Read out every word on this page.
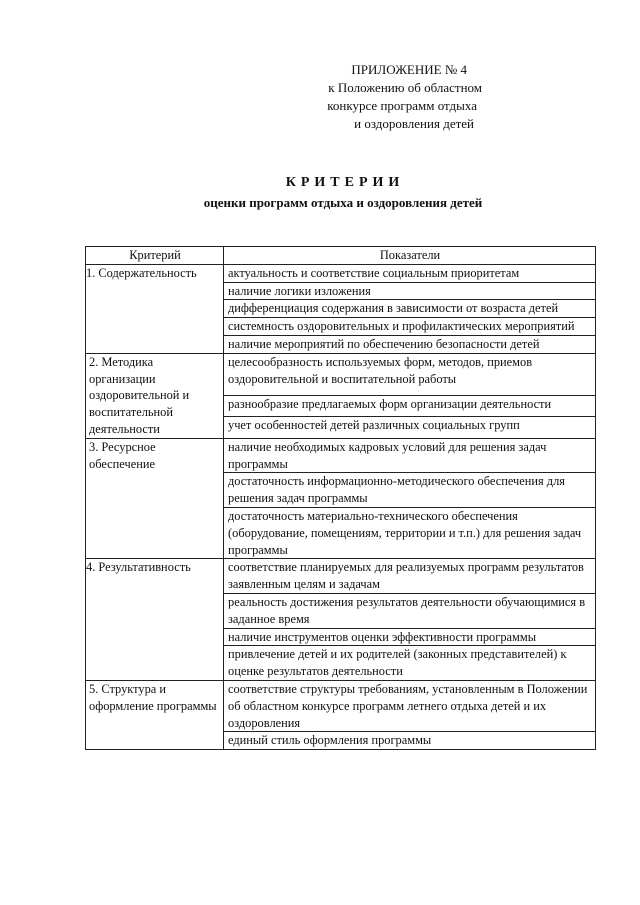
ПРИЛОЖЕНИЕ № 4
к Положению об областном
конкурсе программ отдыха
и оздоровления детей
КРИТЕРИИ
оценки программ отдыха и оздоровления детей
Критерий	Показатели
1. Содержательность	актуальность и соответствие социальным приоритетам
	наличие логики изложения
	дифференциация содержания в зависимости от возраста детей
	системность оздоровительных и профилактических мероприятий
	наличие мероприятий по обеспечению безопасности детей
2. Методика организации оздоровительной и воспитательной деятельности	целесообразность используемых форм, методов, приемов оздоровительной и воспитательной работы
	разнообразие предлагаемых форм организации деятельности
	учет особенностей детей различных социальных групп
3. Ресурсное обеспечение	наличие необходимых кадровых условий для решения задач программы
	достаточность информационно-методического обеспечения для решения задач программы
	достаточность материально-технического обеспечения (оборудование, помещениям, территории и т.п.) для решения задач программы
4. Результативность	соответствие планируемых для реализуемых программ результатов заявленным целям и задачам
	реальность достижения результатов деятельности обучающимися в заданное время
	наличие инструментов оценки эффективности программы
	привлечение детей и их родителей (законных представителей) к оценке результатов деятельности
5. Структура и оформление программы	соответствие структуры требованиям, установленным в Положении об областном конкурсе программ летнего отдыха детей и их оздоровления
	единый стиль оформления программы
